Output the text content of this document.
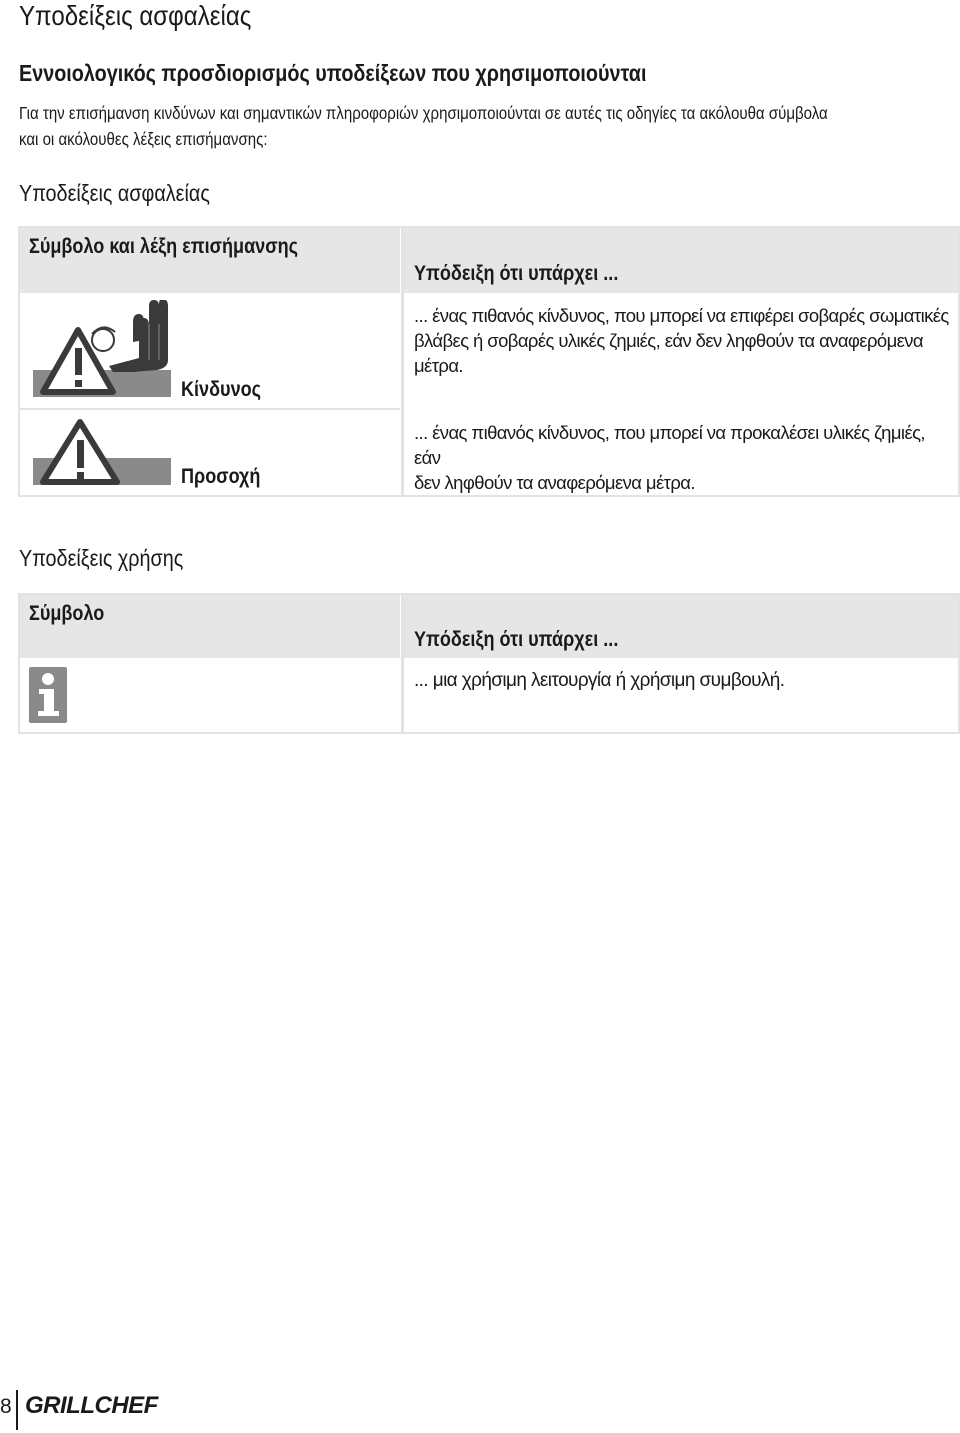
Υποδείξεις ασφαλείας
Εννοιολογικός προσδιορισμός υποδείξεων που χρησιμοποιούνται

Για την επισήμανση κινδύνων και σημαντικών πληροφοριών χρησιμοποιούνται σε αυτές τις οδηγίες τα ακόλουθα σύμβολα
και οι ακόλουθες λέξεις επισήμανσης:

Υποδείξεις ασφαλείας
Σύμβολο και λέξη επισήμανσης
Υπόδειξη ότι υπάρχει ...
Κίνδυνος
... ένας πιθανός κίνδυνος, που μπορεί να επιφέρει σοβαρές σωματικές
βλάβες ή σοβαρές υλικές ζημιές, εάν δεν ληφθούν τα αναφερόμενα
μέτρα.
Προσοχή
... ένας πιθανός κίνδυνος, που μπορεί να προκαλέσει υλικές ζημιές, εάν
δεν ληφθούν τα αναφερόμενα μέτρα.
Υποδείξεις χρήσης
Σύμβολο
Υπόδειξη ότι υπάρχει ...
... μια χρήσιμη λειτουργία ή χρήσιμη συμβουλή.
8 GRILLCHEF
